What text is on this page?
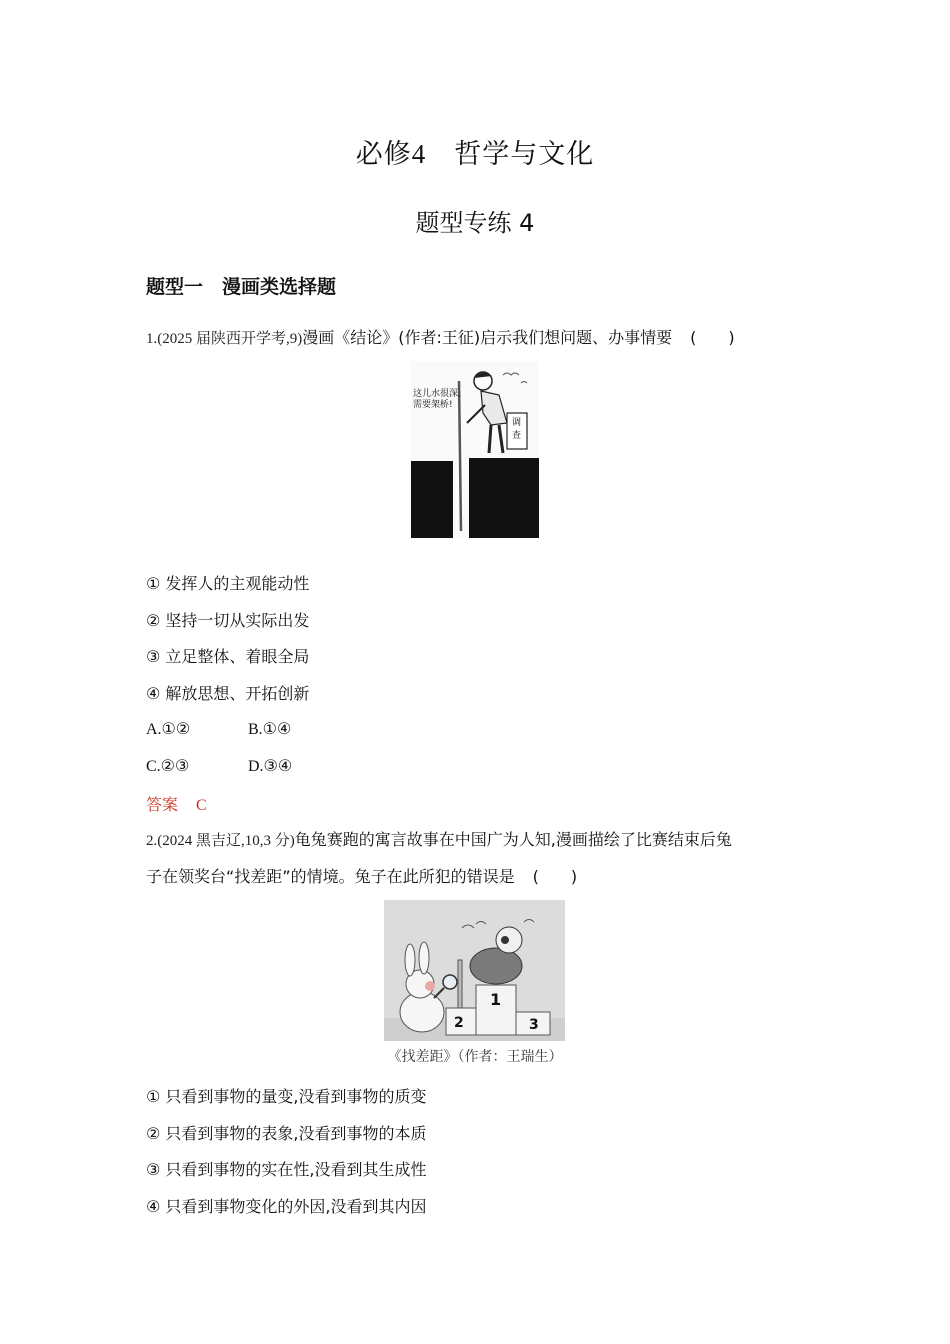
必修4 哲学与文化
题型专练 4
题型一　漫画类选择题
1.(2025 届陕西开学考,9)漫画《结论》(作者:王征)启示我们想问题、办事情要 (　　)
这儿水很深,
需要架桥!
调
查
① 发挥人的主观能动性
② 坚持一切从实际出发
③ 立足整体、着眼全局
④ 解放思想、开拓创新
A.①②	B.①④
C.②③	D.③④
答案 C
2.(2024 黑吉辽,10,3 分)龟兔赛跑的寓言故事在中国广为人知,漫画描绘了比赛结束后兔
子在领奖台“找差距”的情境。兔子在此所犯的错误是 (　　)
1
2	3
《找差距》（作者：王瑞生）
① 只看到事物的量变,没看到事物的质变
② 只看到事物的表象,没看到事物的本质
③ 只看到事物的实在性,没看到其生成性
④ 只看到事物变化的外因,没看到其内因
